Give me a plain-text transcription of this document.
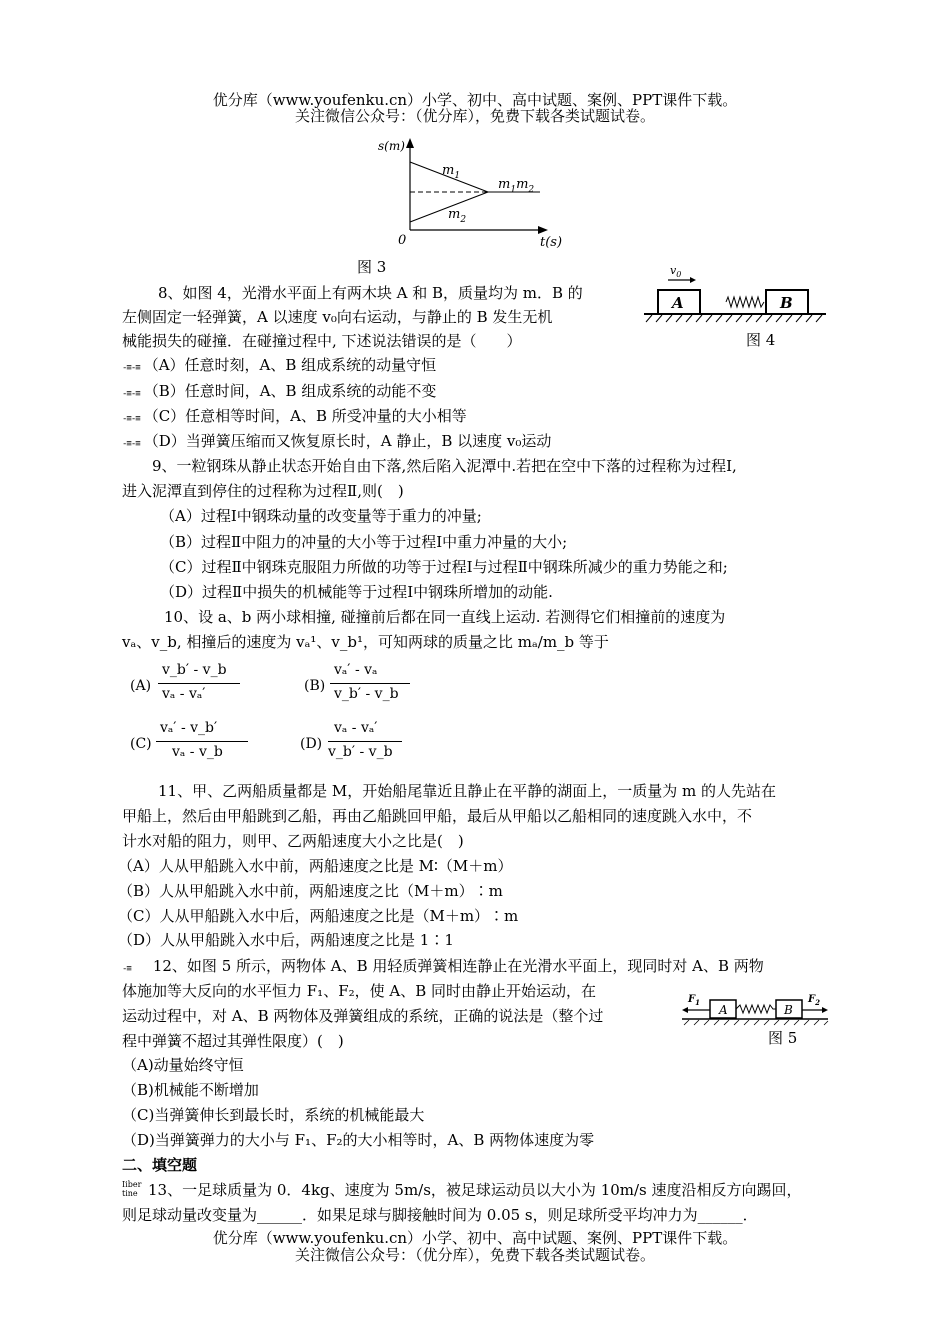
优分库（www.youfenku.cn）小学、初中、高中试题、案例、PPT课件下载。
关注微信公众号：（优分库），免费下载各类试题试卷。
s(m)
0	t(s)
$m_1$
$m_2$
$m_1m_2$
图 3	$v_0$
A	B
图 4
8、如图 4，光滑水平面上有两木块 A 和 B，质量均为 m．B 的
左侧固定一轻弹簧，A 以速度 v₀向右运动，与静止的 B 发生无机
械能损失的碰撞．在碰撞过程中, 下述说法错误的是（　　）
-≡-≡ （A）任意时刻，A、B 组成系统的动量守恒
-≡-≡ （B）任意时间，A、B 组成系统的动能不变
-≡-≡ （C）任意相等时间，A、B 所受冲量的大小相等
-≡-≡ （D）当弹簧压缩而又恢复原长时，A 静止，B 以速度 v₀运动
9、一粒钢珠从静止状态开始自由下落,然后陷入泥潭中.若把在空中下落的过程称为过程Ⅰ,
进入泥潭直到停住的过程称为过程Ⅱ,则(　)
（A）过程Ⅰ中钢珠动量的改变量等于重力的冲量;
（B）过程Ⅱ中阻力的冲量的大小等于过程Ⅰ中重力冲量的大小;
（C）过程Ⅱ中钢珠克服阻力所做的功等于过程Ⅰ与过程Ⅱ中钢珠所减少的重力势能之和;
（D）过程Ⅱ中损失的机械能等于过程Ⅰ中钢珠所增加的动能.
10、设 a、b 两小球相撞, 碰撞前后都在同一直线上运动. 若测得它们相撞前的速度为
vₐ、v_b, 相撞后的速度为 vₐ¹、v_b¹，可知两球的质量之比 mₐ/m_b 等于
(A)
v_b′ - v_b
vₐ - vₐ′	(B)
vₐ′ - vₐ
v_b′ - v_b
(C)
vₐ′ - v_b′
vₐ - v_b	(D)
vₐ - vₐ′
v_b′ - v_b
11、甲、乙两船质量都是 M，开始船尾靠近且静止在平静的湖面上，一质量为 m 的人先站在
甲船上，然后由甲船跳到乙船，再由乙船跳回甲船，最后从甲船以乙船相同的速度跳入水中，不
计水对船的阻力，则甲、乙两船速度大小之比是(　)
（A）人从甲船跳入水中前，两船速度之比是 M∶（M＋m）
（B）人从甲船跳入水中前，两船速度之比（M＋m）∶m
（C）人从甲船跳入水中后，两船速度之比是（M＋m）∶m
（D）人从甲船跳入水中后，两船速度之比是 1∶1
-≡ 12、如图 5 所示，两物体 A、B 用轻质弹簧相连静止在光滑水平面上，现同时对 A、B 两物
体施加等大反向的水平恒力 F₁、F₂，使 A、B 同时由静止开始运动，在
运动过程中，对 A、B 两物体及弹簧组成的系统，正确的说法是（整个过
程中弹簧不超过其弹性限度）(　)
$F_1$
A	B
$F_2$
图 5
（A)动量始终守恒
（B)机械能不断增加
（C)当弹簧伸长到最长时，系统的机械能最大
（D)当弹簧弹力的大小与 F₁、F₂的大小相等时，A、B 两物体速度为零
二、填空题
Iiber
tine 13、一足球质量为 0．4kg、速度为 5m/s，被足球运动员以大小为 10m/s 速度沿相反方向踢回，
则足球动量改变量为______．如果足球与脚接触时间为 0.05 s，则足球所受平均冲力为______．
优分库（www.youfenku.cn）小学、初中、高中试题、案例、PPT课件下载。
关注微信公众号：（优分库），免费下载各类试题试卷。
